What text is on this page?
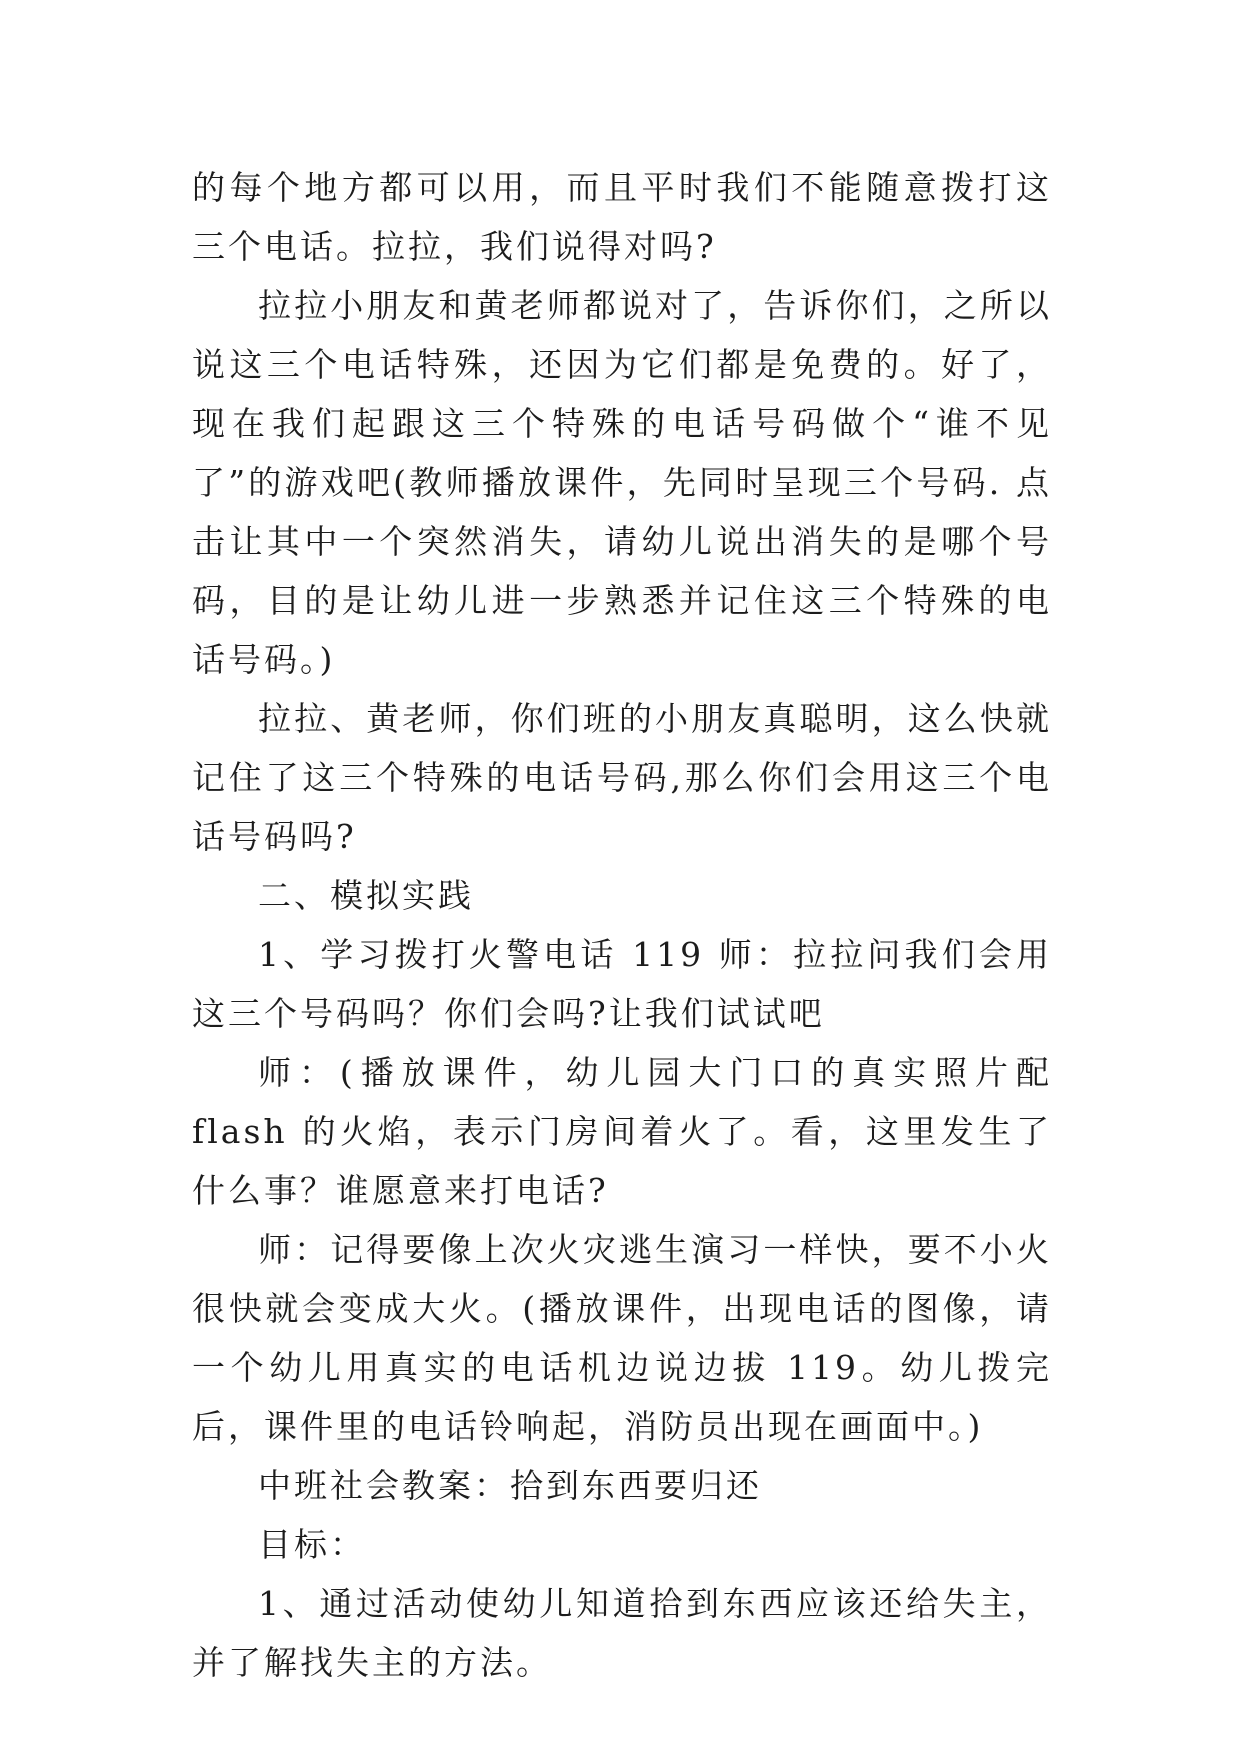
的每个地方都可以用，而且平时我们不能随意拨打这三个电话。拉拉，我们说得对吗?

拉拉小朋友和黄老师都说对了，告诉你们，之所以说这三个电话特殊，还因为它们都是免费的。好了，现在我们起跟这三个特殊的电话号码做个“谁不见了”的游戏吧(教师播放课件，先同时呈现三个号码. 点击让其中一个突然消失，请幼儿说出消失的是哪个号码，目的是让幼儿进一步熟悉并记住这三个特殊的电话号码。)

拉拉、黄老师，你们班的小朋友真聪明，这么快就记住了这三个特殊的电话号码,那么你们会用这三个电话号码吗?

二、模拟实践

1、学习拨打火警电话 119 师：拉拉问我们会用这三个号码吗？你们会吗?让我们试试吧

师：(播放课件，幼儿园大门口的真实照片配 flash 的火焰，表示门房间着火了。看，这里发生了什么事？谁愿意来打电话?

师：记得要像上次火灾逃生演习一样快，要不小火很快就会变成大火。(播放课件，出现电话的图像，请一个幼儿用真实的电话机边说边拔 119。幼儿拨完后，课件里的电话铃响起，消防员出现在画面中。)

中班社会教案：拾到东西要归还

目标：

1、通过活动使幼儿知道拾到东西应该还给失主， 并了解找失主的方法。
